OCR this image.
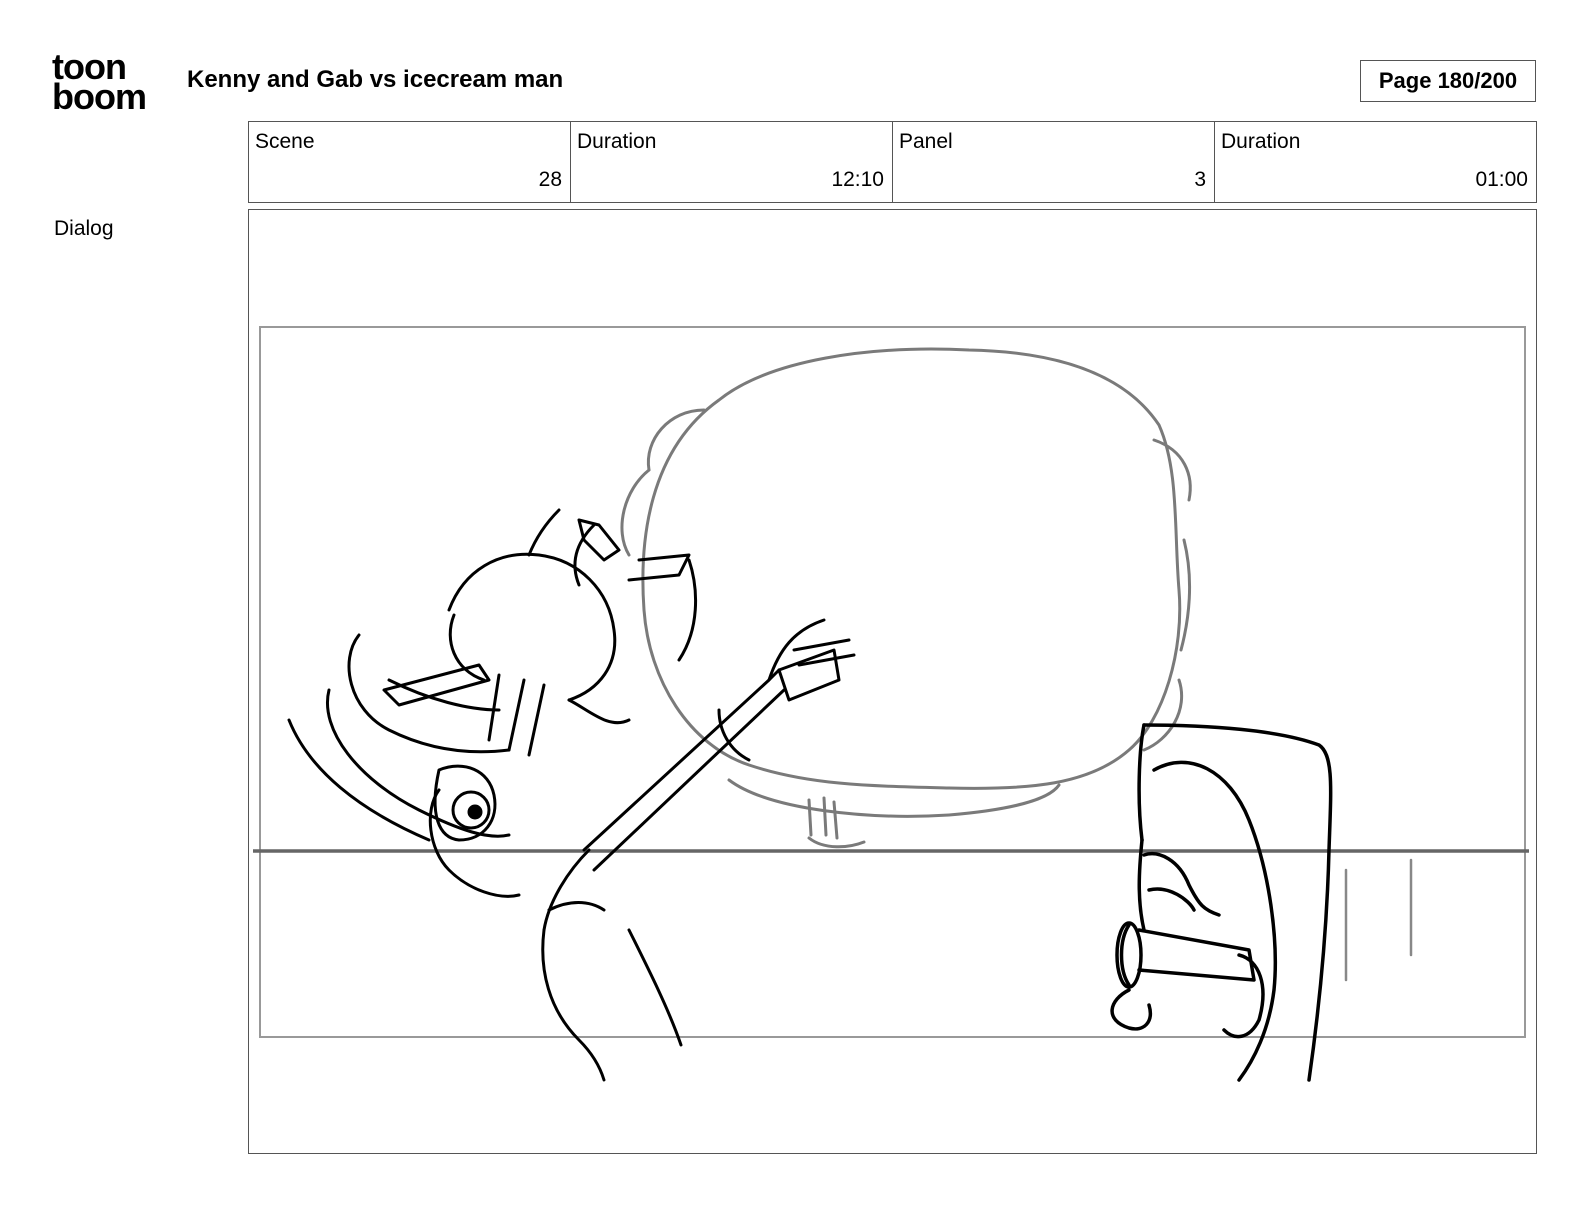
toon
boom Kenny and Gab vs icecream man	Page 180/200
Scene
28
Duration
12:10
Panel
3
Duration
01:00
Dialog
